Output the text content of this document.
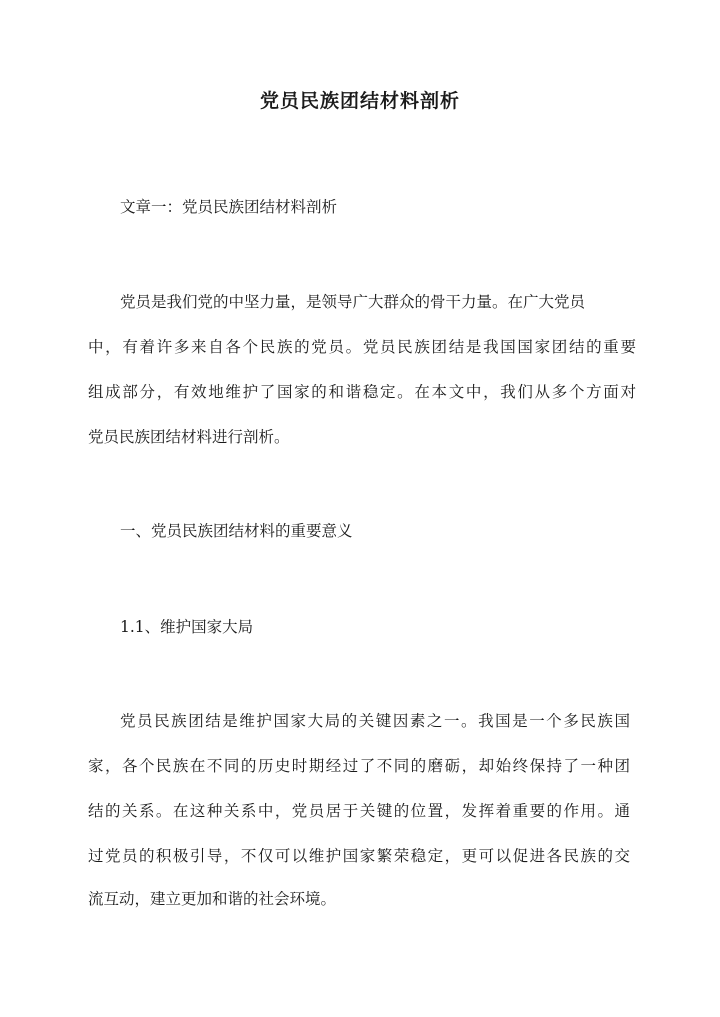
党员民族团结材料剖析
文章一：党员民族团结材料剖析
党员是我们党的中坚力量，是领导广大群众的骨干力量。在广大党员
中，有着许多来自各个民族的党员。党员民族团结是我国国家团结的重要
组成部分，有效地维护了国家的和谐稳定。在本文中，我们从多个方面对
党员民族团结材料进行剖析。
一、党员民族团结材料的重要意义
1.1、维护国家大局
党员民族团结是维护国家大局的关键因素之一。我国是一个多民族国
家，各个民族在不同的历史时期经过了不同的磨砺，却始终保持了一种团
结的关系。在这种关系中，党员居于关键的位置，发挥着重要的作用。通
过党员的积极引导，不仅可以维护国家繁荣稳定，更可以促进各民族的交
流互动，建立更加和谐的社会环境。
